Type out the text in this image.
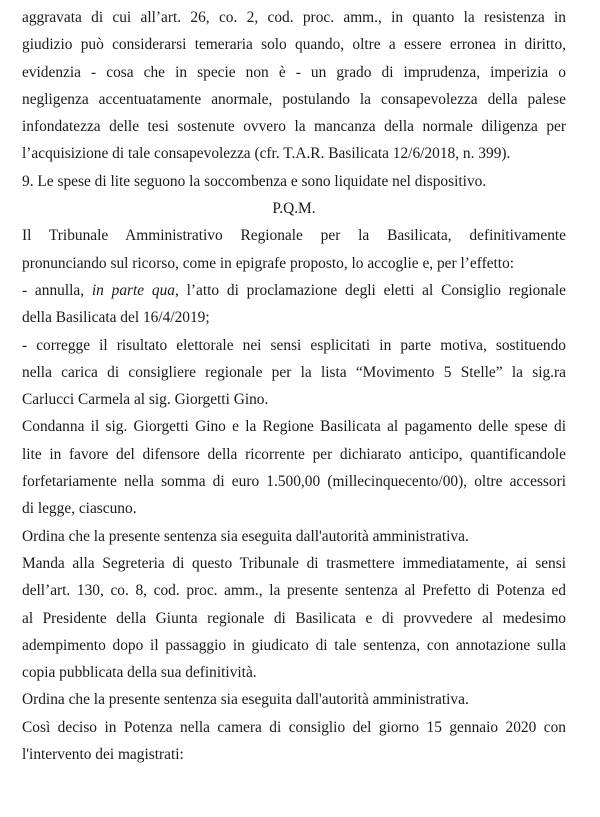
aggravata di cui all’art. 26, co. 2, cod. proc. amm., in quanto la resistenza in
giudizio può considerarsi temeraria solo quando, oltre a essere erronea in diritto,
evidenzia - cosa che in specie non è - un grado di imprudenza, imperizia o
negligenza accentuatamente anormale, postulando la consapevolezza della palese
infondatezza delle tesi sostenute ovvero la mancanza della normale diligenza per
l’acquisizione di tale consapevolezza (cfr. T.A.R. Basilicata 12/6/2018, n. 399).
9. Le spese di lite seguono la soccombenza e sono liquidate nel dispositivo.
P.Q.M.
Il Tribunale Amministrativo Regionale per la Basilicata, definitivamente
pronunciando sul ricorso, come in epigrafe proposto, lo accoglie e, per l’effetto:
- annulla, in parte qua, l’atto di proclamazione degli eletti al Consiglio regionale
della Basilicata del 16/4/2019;
- corregge il risultato elettorale nei sensi esplicitati in parte motiva, sostituendo
nella carica di consigliere regionale per la lista “Movimento 5 Stelle” la sig.ra
Carlucci Carmela al sig. Giorgetti Gino.
Condanna il sig. Giorgetti Gino e la Regione Basilicata al pagamento delle spese di
lite in favore del difensore della ricorrente per dichiarato anticipo, quantificandole
forfetariamente nella somma di euro 1.500,00 (millecinquecento/00), oltre accessori
di legge, ciascuno.
Ordina che la presente sentenza sia eseguita dall'autorità amministrativa.
Manda alla Segreteria di questo Tribunale di trasmettere immediatamente, ai sensi
dell’art. 130, co. 8, cod. proc. amm., la presente sentenza al Prefetto di Potenza ed
al Presidente della Giunta regionale di Basilicata e di provvedere al medesimo
adempimento dopo il passaggio in giudicato di tale sentenza, con annotazione sulla
copia pubblicata della sua definitività.
Ordina che la presente sentenza sia eseguita dall'autorità amministrativa.
Così deciso in Potenza nella camera di consiglio del giorno 15 gennaio 2020 con
l'intervento dei magistrati:
